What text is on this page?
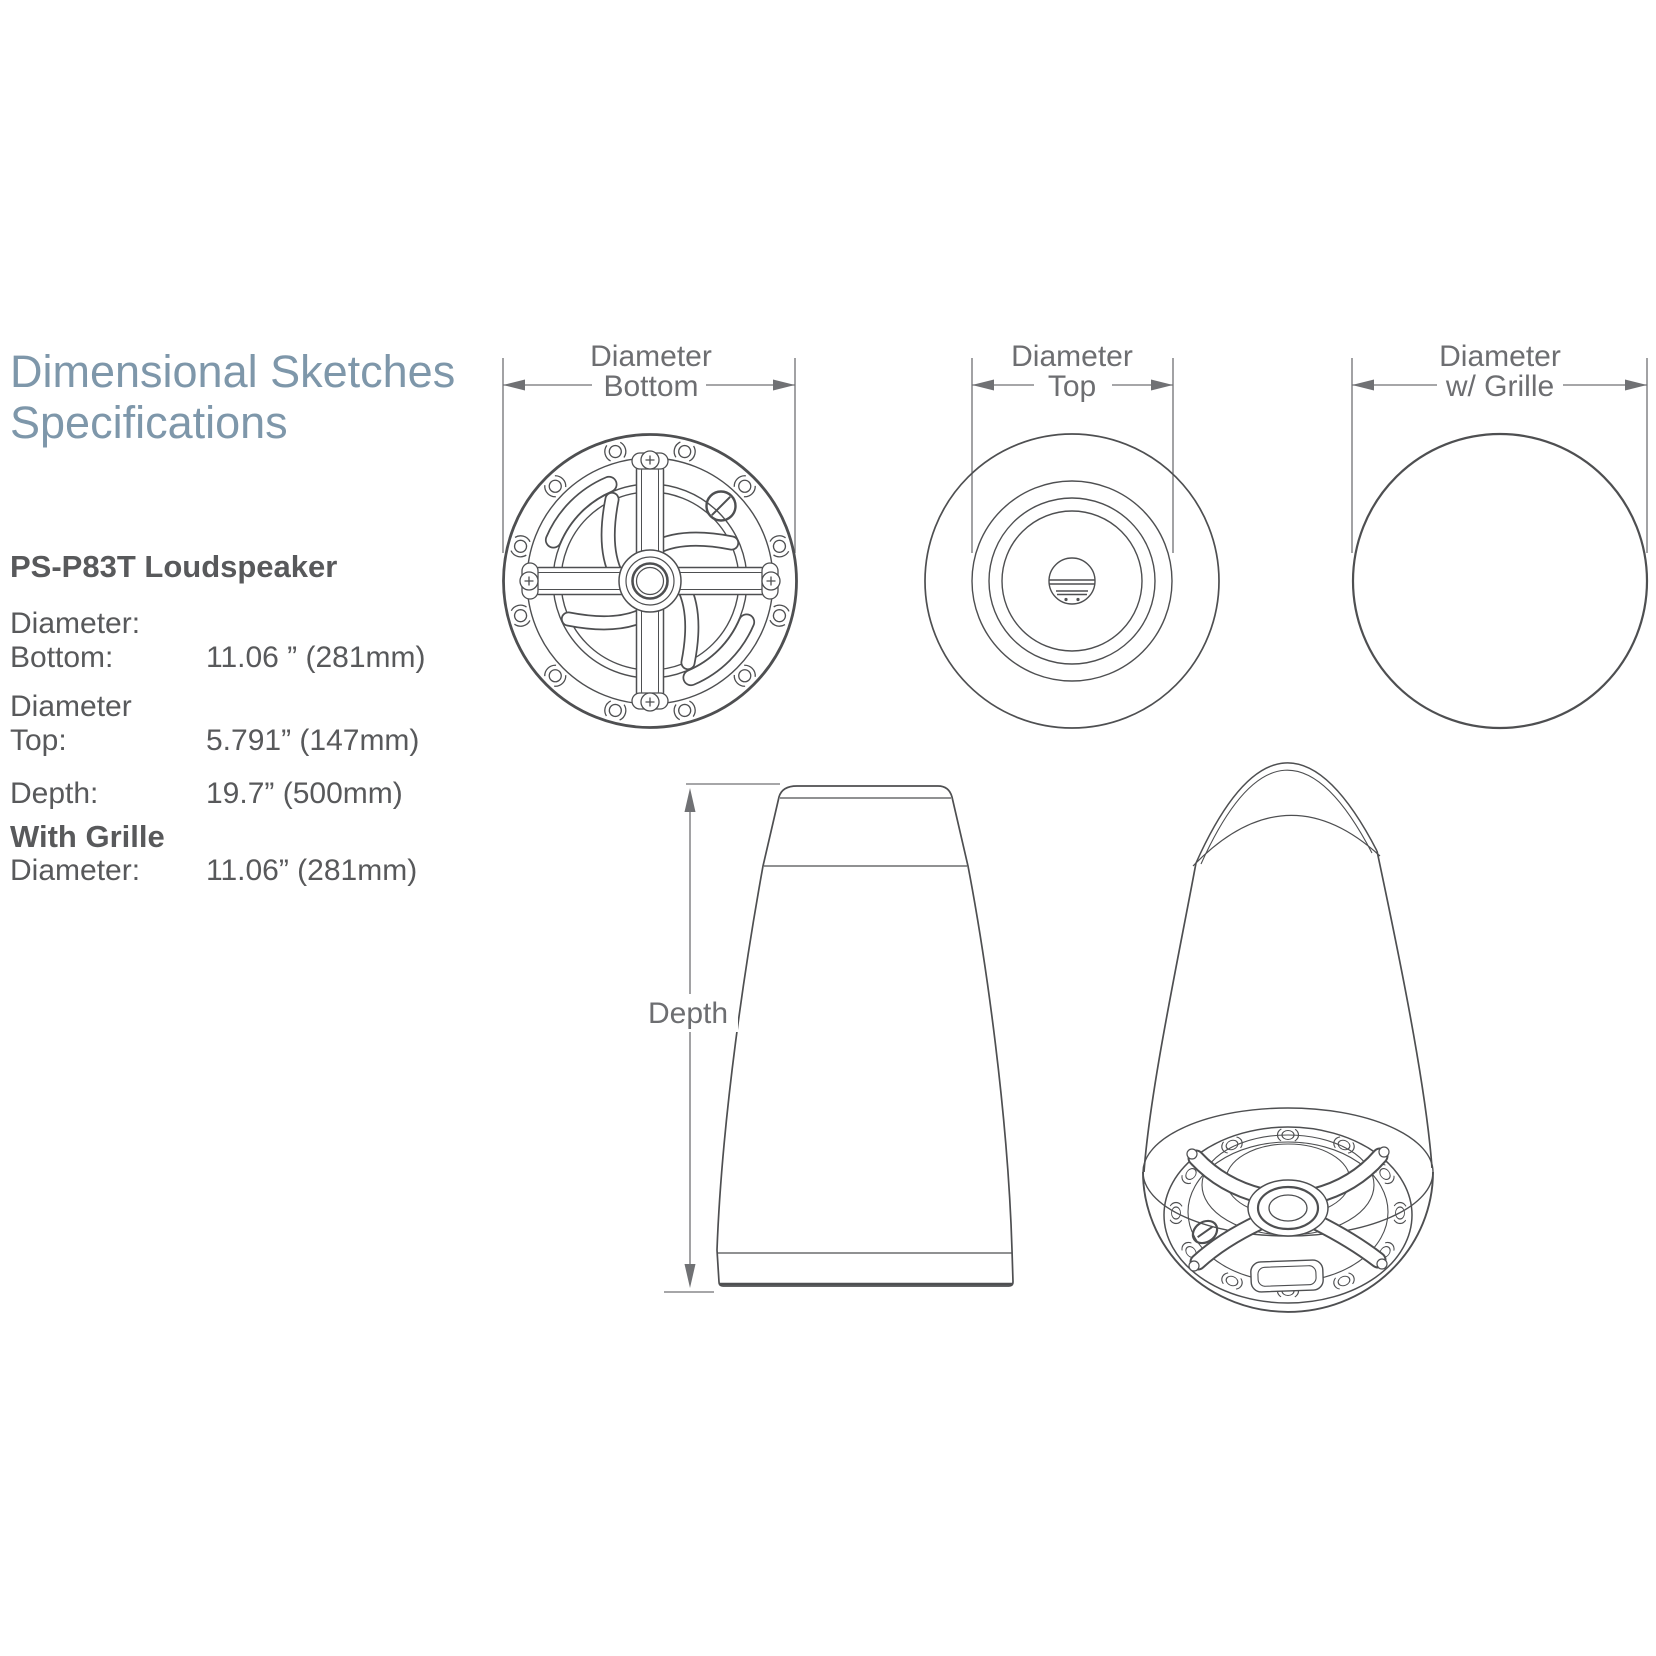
Dimensional Sketches
Specifications
PS-P83T Loudspeaker
Diameter:
Bottom:	11.06 ” (281mm)
Diameter
Top:	5.791” (147mm)
Depth:	19.7” (500mm)
With Grille
Diameter:	11.06” (281mm)
Diameter
Bottom
Diameter
Top
Diameter
w/ Grille
Depth
